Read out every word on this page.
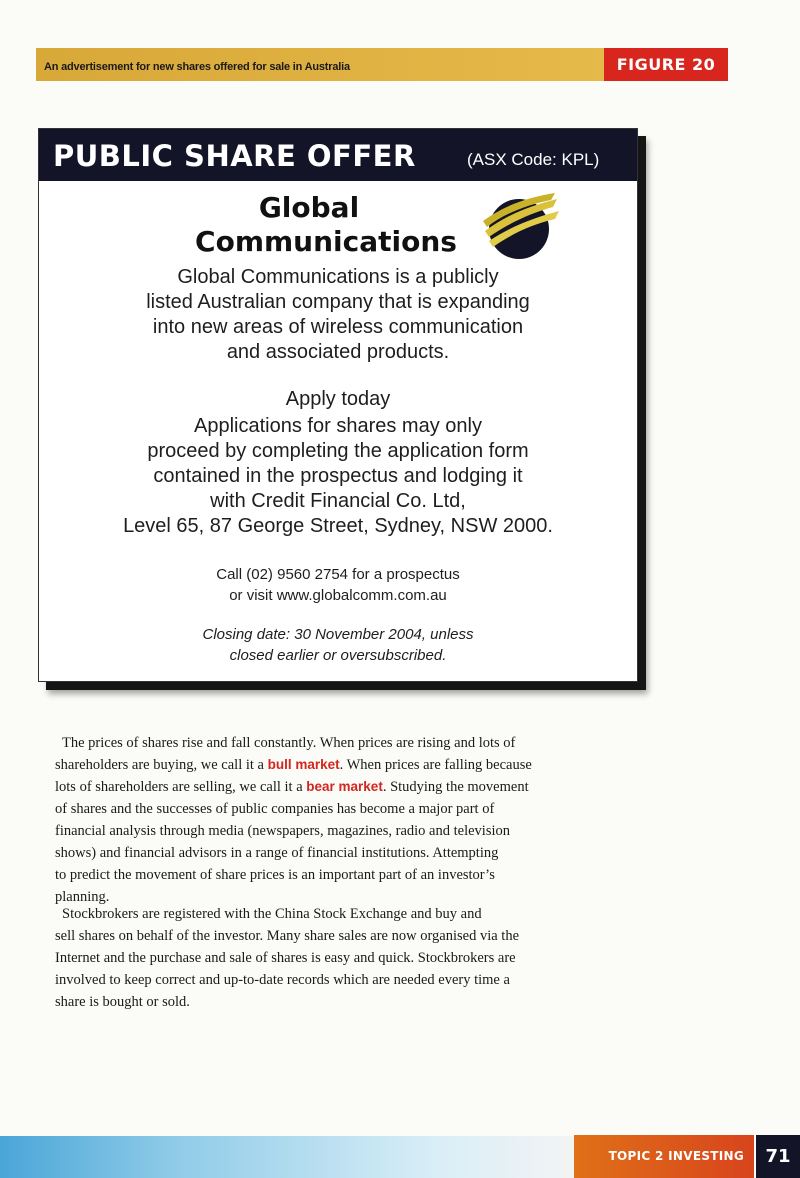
An advertisement for new shares offered for sale in Australia	FIGURE 20
PUBLIC SHARE OFFER	(ASX Code: KPL)
Global
Communications
Global Communications is a publicly
listed Australian company that is expanding
into new areas of wireless communication
and associated products.
Apply today
Applications for shares may only
proceed by completing the application form
contained in the prospectus and lodging it
with Credit Financial Co. Ltd,
Level 65, 87 George Street, Sydney, NSW 2000.
Call (02) 9560 2754 for a prospectus
or visit www.globalcomm.com.au
Closing date: 30 November 2004, unless
closed earlier or oversubscribed.
The prices of shares rise and fall constantly. When prices are rising and lots of
shareholders are buying, we call it a bull market. When prices are falling because
lots of shareholders are selling, we call it a bear market. Studying the movement
of shares and the successes of public companies has become a major part of
financial analysis through media (newspapers, magazines, radio and television
shows) and financial advisors in a range of financial institutions. Attempting
to predict the movement of share prices is an important part of an investor’s
planning.
Stockbrokers are registered with the China Stock Exchange and buy and
sell shares on behalf of the investor. Many share sales are now organised via the
Internet and the purchase and sale of shares is easy and quick. Stockbrokers are
involved to keep correct and up-to-date records which are needed every time a
share is bought or sold.
TOPIC 2 INVESTING	71
